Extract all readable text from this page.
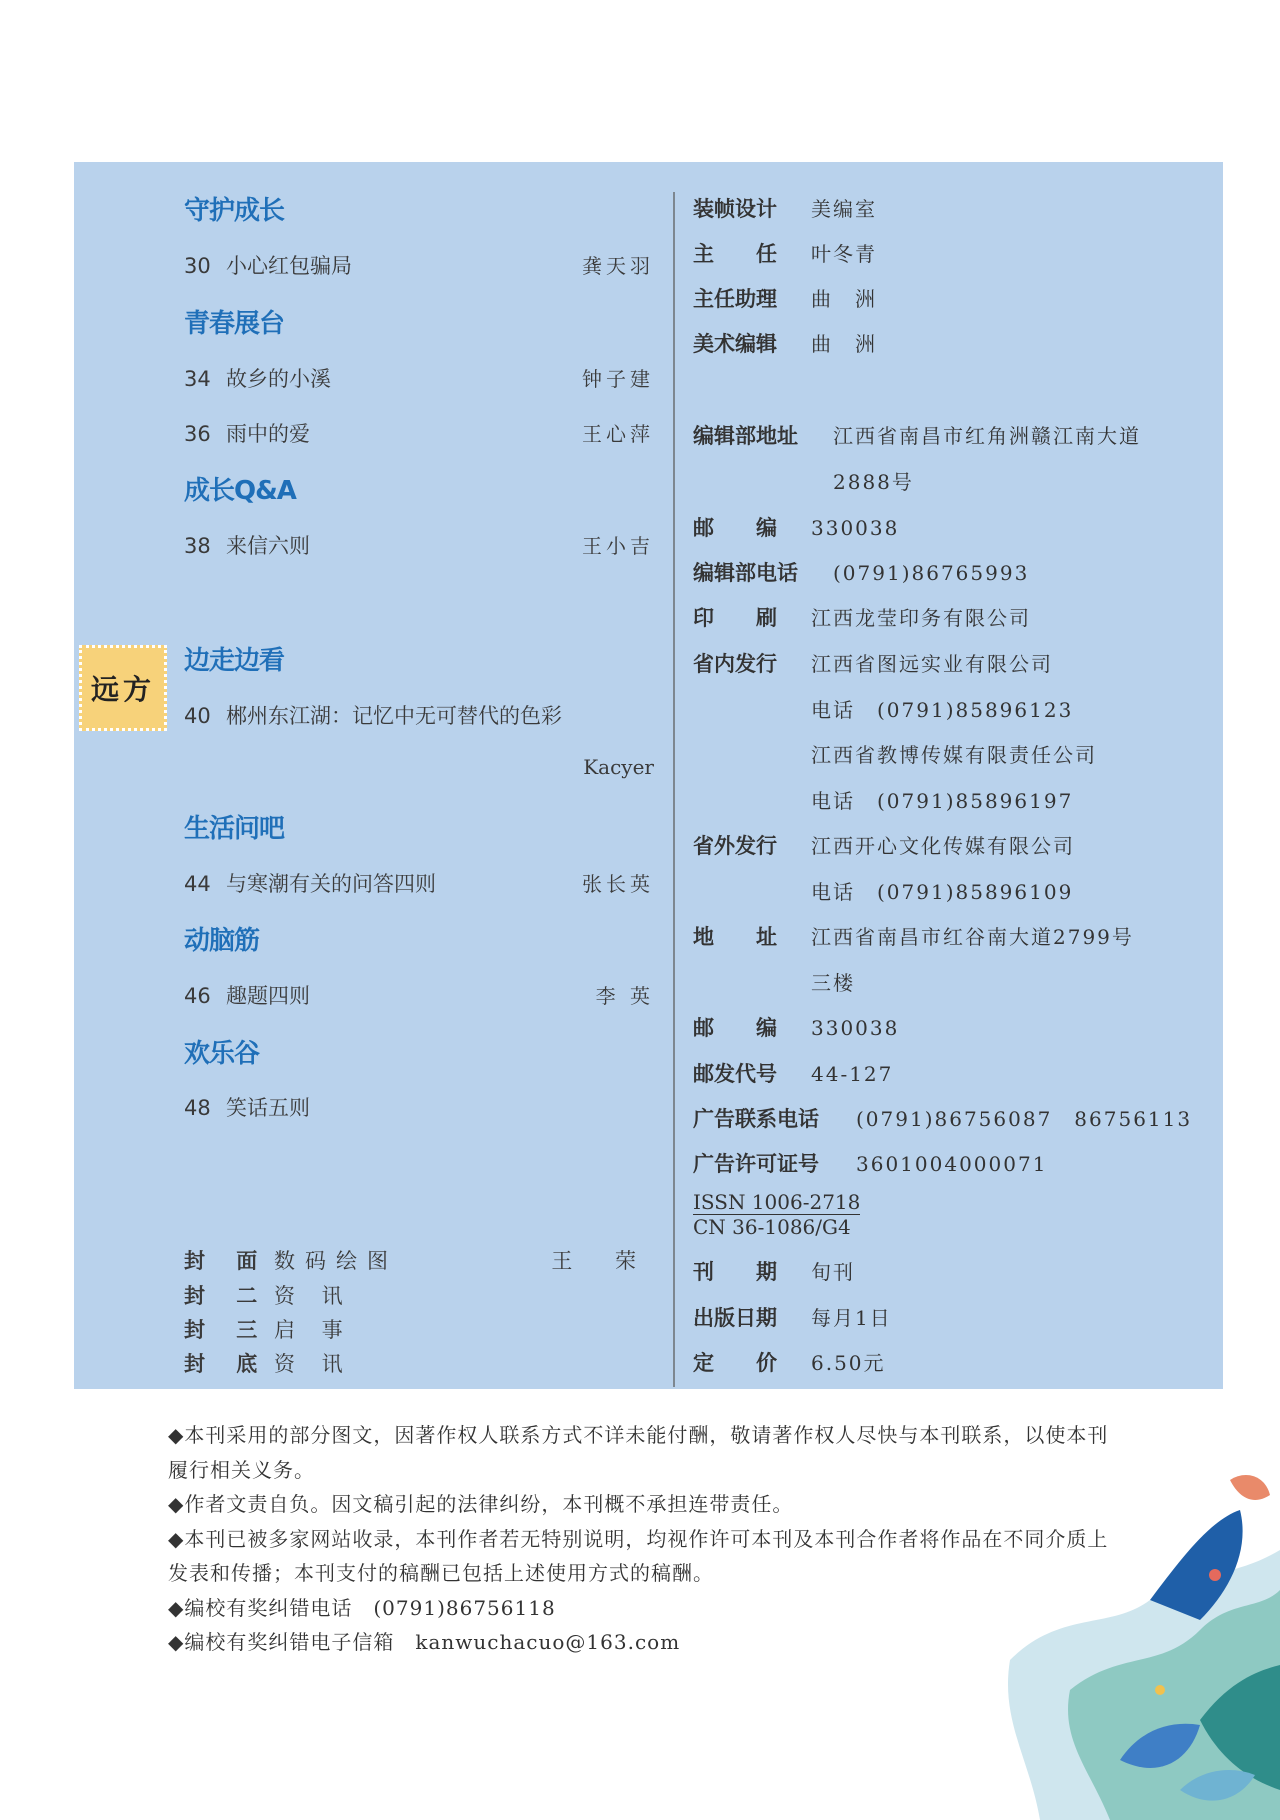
守护成长
30 小心红包骗局	龚天羽
青春展台
34 故乡的小溪	钟子建
36 雨中的爱	王心萍
成长Q&A
38 来信六则	王小吉
远方
边走边看
40 郴州东江湖：记忆中无可替代的色彩
Kacyer
生活问吧
44 与寒潮有关的问答四则	张长英
动脑筋
46 趣题四则	李 英
欢乐谷
48 笑话五则
封 面 数码绘图	王 荣
封 二 资 讯
封 三 启 事
封 底 资 讯
装帧设计 美编室
主　　任 叶冬青
主任助理 曲　洲
美术编辑 曲　洲
编辑部地址 江西省南昌市红角洲赣江南大道
2888号
邮　　编 330038
编辑部电话 (0791)86765993
印　　刷 江西龙莹印务有限公司
省内发行 江西省图远实业有限公司
电话　(0791)85896123
江西省教博传媒有限责任公司
电话　(0791)85896197
省外发行 江西开心文化传媒有限公司
电话　(0791)85896109
地　　址 江西省南昌市红谷南大道2799号
三楼
邮　　编 330038
邮发代号 44-127
广告联系电话 (0791)86756087　86756113
广告许可证号 3601004000071
ISSN 1006-2718
CN 36-1086/G4
刊　　期 旬刊
出版日期 每月1日
定　　价 6.50元

◆本刊采用的部分图文，因著作权人联系方式不详未能付酬，敬请著作权人尽快与本刊联系，以使本刊履行相关义务。

◆作者文责自负。因文稿引起的法律纠纷，本刊概不承担连带责任。

◆本刊已被多家网站收录，本刊作者若无特别说明，均视作许可本刊及本刊合作者将作品在不同介质上发表和传播；本刊支付的稿酬已包括上述使用方式的稿酬。

◆编校有奖纠错电话　(0791)86756118

◆编校有奖纠错电子信箱　kanwuchacuo@163.com
